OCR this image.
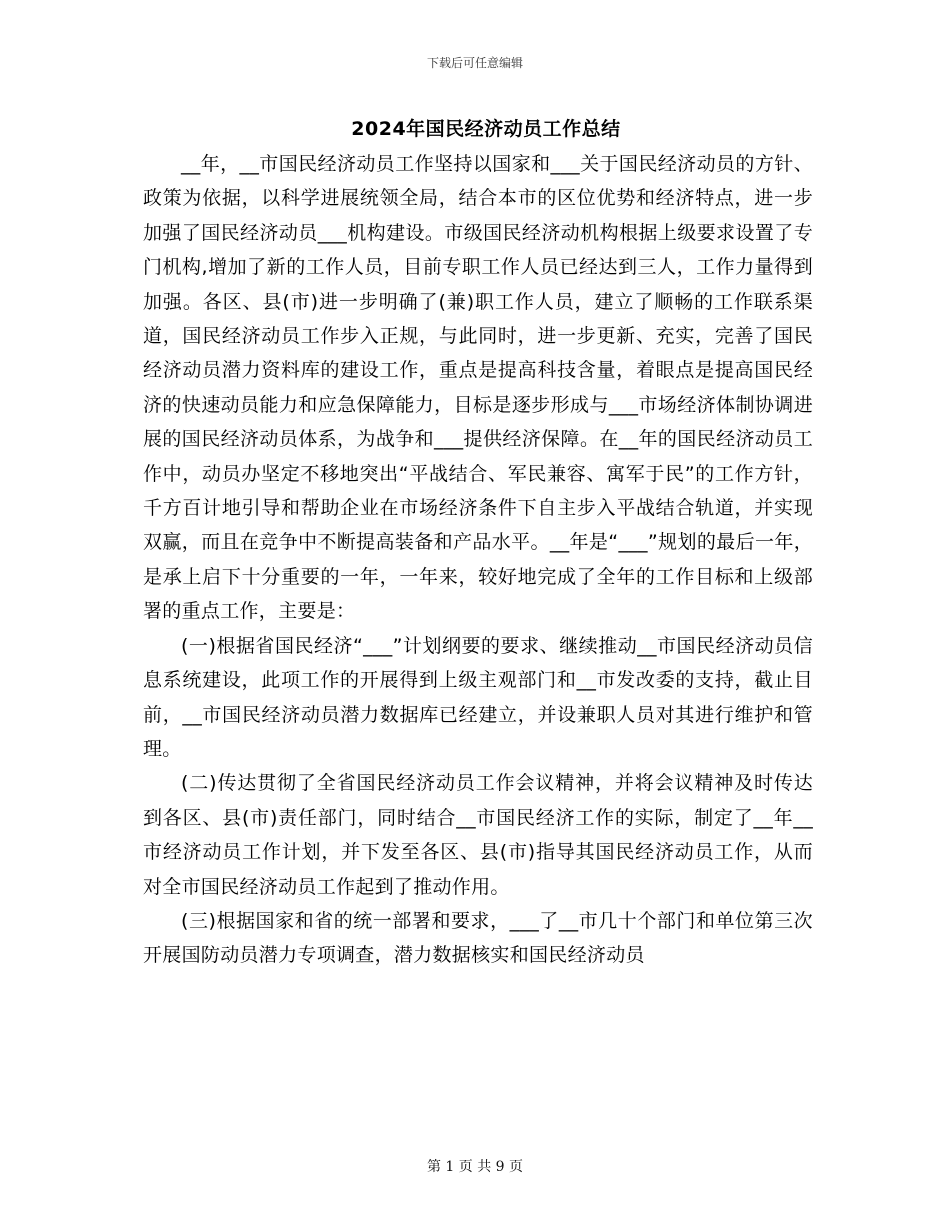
下载后可任意编辑
2024年国民经济动员工作总结

__年，__市国民经济动员工作坚持以国家和___关于国民经济动员的方针、政策为依据，以科学进展统领全局，结合本市的区位优势和经济特点，进一步加强了国民经济动员___机构建设。市级国民经济动机构根据上级要求设置了专门机构,增加了新的工作人员，目前专职工作人员已经达到三人，工作力量得到加强。各区、县(市)进一步明确了(兼)职工作人员，建立了顺畅的工作联系渠道，国民经济动员工作步入正规，与此同时，进一步更新、充实，完善了国民经济动员潜力资料库的建设工作，重点是提高科技含量，着眼点是提高国民经济的快速动员能力和应急保障能力，目标是逐步形成与___市场经济体制协调进展的国民经济动员体系，为战争和___提供经济保障。在__年的国民经济动员工作中，动员办坚定不移地突出“平战结合、军民兼容、寓军于民”的工作方针，千方百计地引导和帮助企业在市场经济条件下自主步入平战结合轨道，并实现双赢，而且在竞争中不断提高装备和产品水平。__年是“___”规划的最后一年，是承上启下十分重要的一年，一年来，较好地完成了全年的工作目标和上级部署的重点工作，主要是：

(一)根据省国民经济“___”计划纲要的要求、继续推动__市国民经济动员信息系统建设，此项工作的开展得到上级主观部门和__市发改委的支持，截止目前，__市国民经济动员潜力数据库已经建立，并设兼职人员对其进行维护和管理。

(二)传达贯彻了全省国民经济动员工作会议精神，并将会议精神及时传达到各区、县(市)责任部门，同时结合__市国民经济工作的实际，制定了__年__市经济动员工作计划，并下发至各区、县(市)指导其国民经济动员工作，从而对全市国民经济动员工作起到了推动作用。

(三)根据国家和省的统一部署和要求，___了__市几十个部门和单位第三次开展国防动员潜力专项调查，潜力数据核实和国民经济动员

第 1 页 共 9 页
